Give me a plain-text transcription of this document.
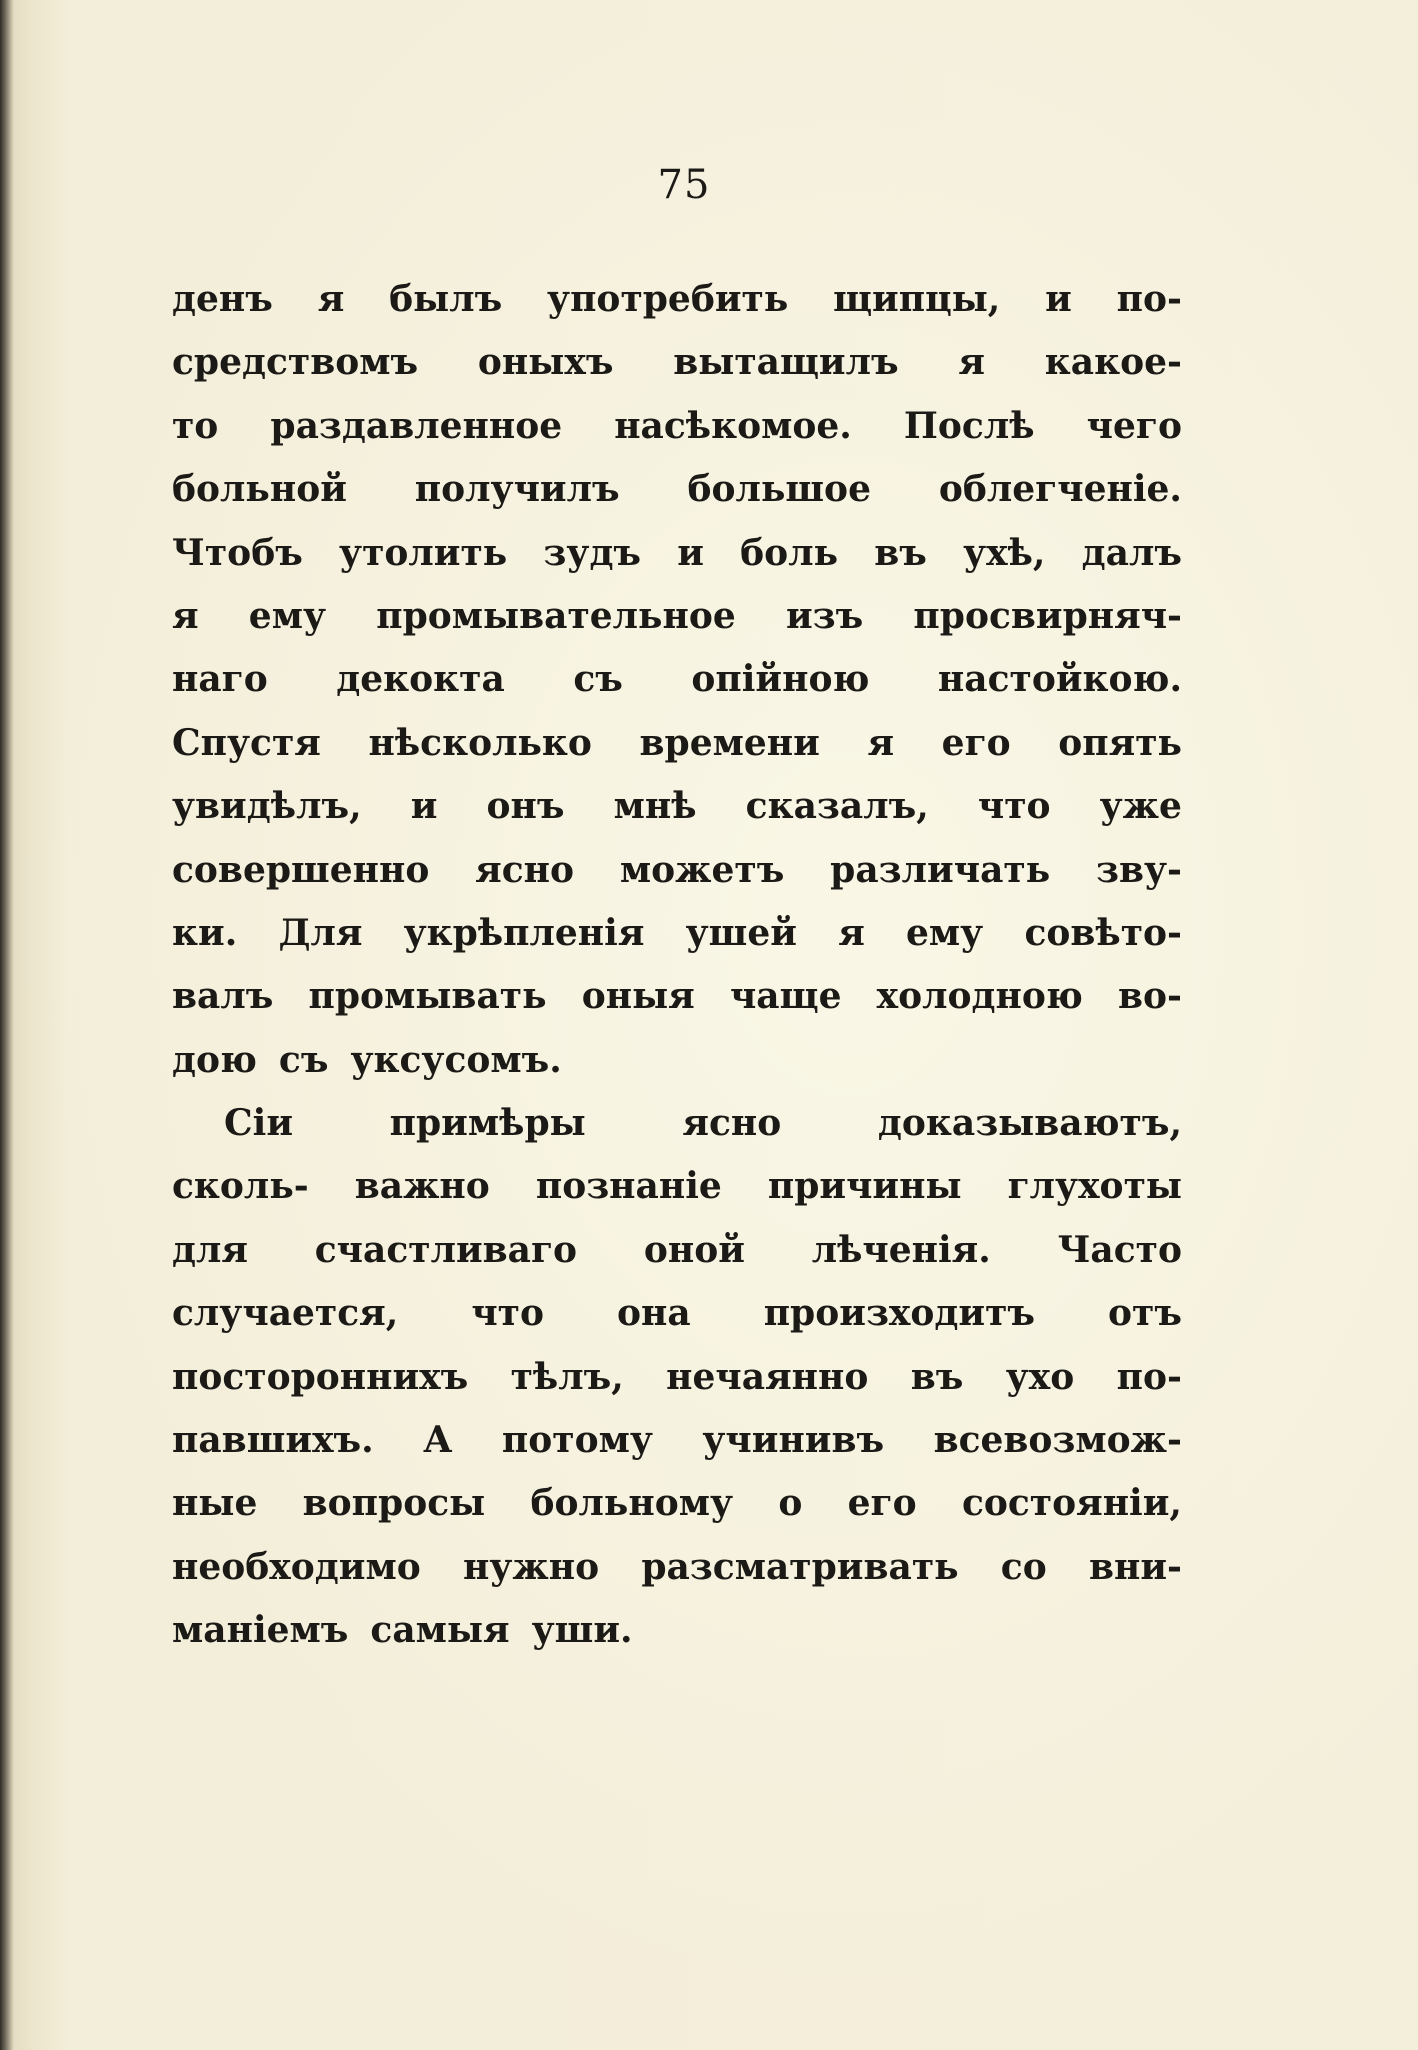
75
денъ я былъ употребить щипцы, и по-
средствомъ оныхъ вытащилъ я какое-
то раздавленное насѣкомое. Послѣ чего
больной получилъ большое облегченіе.
Чтобъ утолить зудъ и боль въ ухѣ, далъ
я ему промывательное изъ просвирняч-
наго декокта съ опійною настойкою.
Спустя нѣсколько времени я его опять
увидѣлъ, и онъ мнѣ сказалъ, что уже
совершенно ясно можетъ различать зву-
ки. Для укрѣпленія ушей я ему совѣто-
валъ промывать оныя чаще холодною во-
дою съ уксусомъ.
Сіи	примѣры	ясно	доказываютъ,
сколь- важно познаніе причины глухоты
для счастливаго оной лѣченія. Часто
случается, что она произходитъ отъ
постороннихъ тѣлъ, нечаянно въ ухо по-
павшихъ. А потому учинивъ всевозмож-
ные вопросы больному о его состояніи,
необходимо нужно разсматривать со вни-
маніемъ самыя уши.
